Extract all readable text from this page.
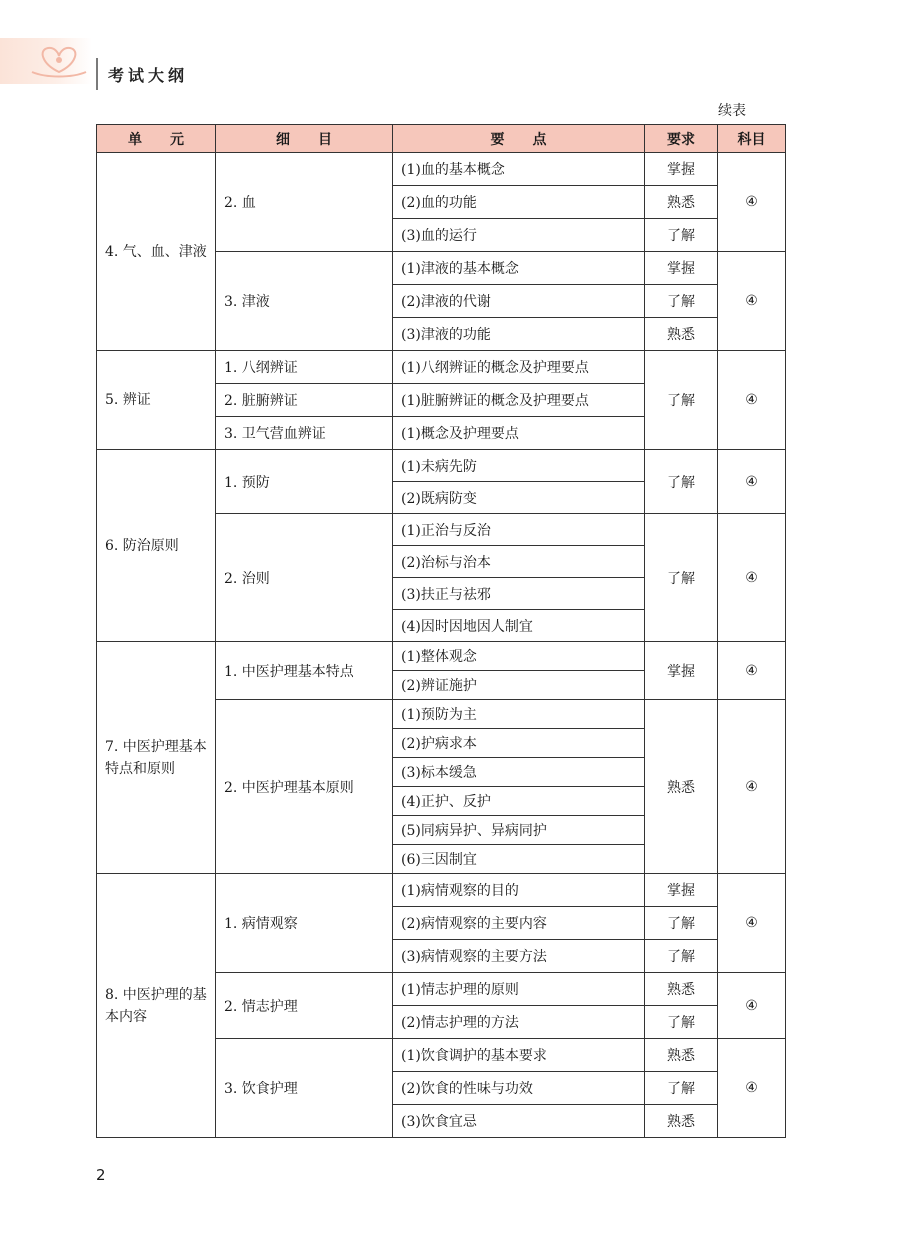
考试大纲
续表
单　　元	细　　目	要　　点	要求	科目
4. 气、血、津液	2. 血	(1)血的基本概念	掌握	④
		(2)血的功能	熟悉	
		(3)血的运行	了解	
	3. 津液	(1)津液的基本概念	掌握	④
		(2)津液的代谢	了解	
		(3)津液的功能	熟悉	
5. 辨证	1. 八纲辨证	(1)八纲辨证的概念及护理要点	了解	④
	2. 脏腑辨证	(1)脏腑辨证的概念及护理要点		
	3. 卫气营血辨证	(1)概念及护理要点		
6. 防治原则	1. 预防	(1)未病先防	了解	④
		(2)既病防变		
	2. 治则	(1)正治与反治	了解	④
		(2)治标与治本		
		(3)扶正与祛邪		
		(4)因时因地因人制宜		
7. 中医护理基本特点和原则	1. 中医护理基本特点	(1)整体观念	掌握	④
		(2)辨证施护		
	2. 中医护理基本原则	(1)预防为主	熟悉	④
		(2)护病求本		
		(3)标本缓急		
		(4)正护、反护		
		(5)同病异护、异病同护		
		(6)三因制宜		
8. 中医护理的基本内容	1. 病情观察	(1)病情观察的目的	掌握	④
		(2)病情观察的主要内容	了解	
		(3)病情观察的主要方法	了解	
	2. 情志护理	(1)情志护理的原则	熟悉	④
		(2)情志护理的方法	了解	
	3. 饮食护理	(1)饮食调护的基本要求	熟悉	④
		(2)饮食的性味与功效	了解	
		(3)饮食宜忌	熟悉	
2
